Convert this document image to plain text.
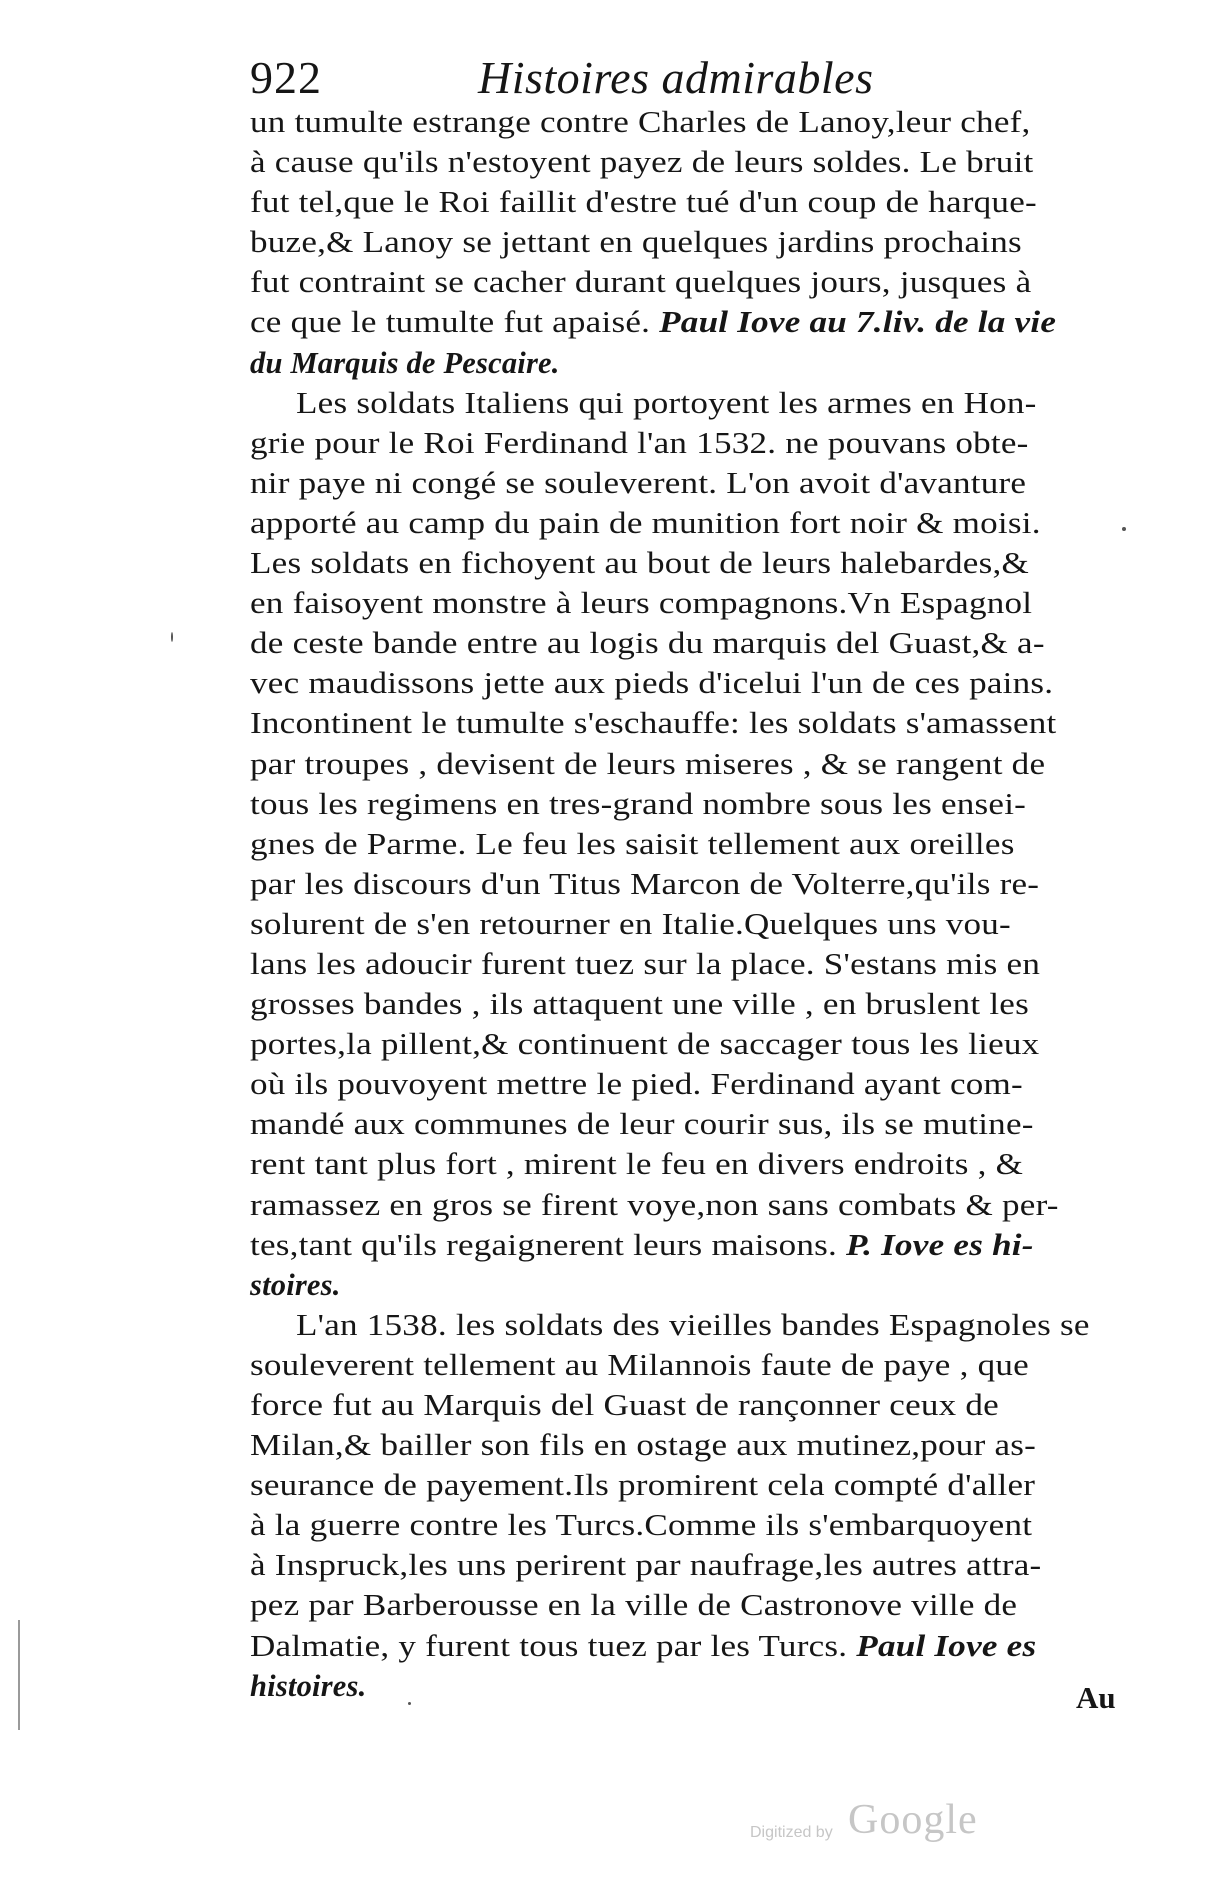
922	Histoires admirables
un tumulte estrange contre Charles de Lanoy,leur chef,
à cause qu'ils n'estoyent payez de leurs soldes. Le bruit
fut tel,que le Roi faillit d'estre tué d'un coup de harque-
buze,& Lanoy se jettant en quelques jardins prochains
fut contraint se cacher durant quelques jours, jusques à
ce que le tumulte fut apaisé. Paul Iove au 7.liv. de la vie
du Marquis de Pescaire.
Les soldats Italiens qui portoyent les armes en Hon-
grie pour le Roi Ferdinand l'an 1532. ne pouvans obte-
nir paye ni congé se souleverent. L'on avoit d'avanture
apporté au camp du pain de munition fort noir & moisi.
Les soldats en fichoyent au bout de leurs halebardes,&
en faisoyent monstre à leurs compagnons.Vn Espagnol
de ceste bande entre au logis du marquis del Guast,& a-
vec maudissons jette aux pieds d'icelui l'un de ces pains.
Incontinent le tumulte s'eschauffe: les soldats s'amassent
par troupes , devisent de leurs miseres , & se rangent de
tous les regimens en tres-grand nombre sous les ensei-
gnes de Parme. Le feu les saisit tellement aux oreilles
par les discours d'un Titus Marcon de Volterre,qu'ils re-
solurent de s'en retourner en Italie.Quelques uns vou-
lans les adoucir furent tuez sur la place. S'estans mis en
grosses bandes , ils attaquent une ville , en bruslent les
portes,la pillent,& continuent de saccager tous les lieux
où ils pouvoyent mettre le pied. Ferdinand ayant com-
mandé aux communes de leur courir sus, ils se mutine-
rent tant plus fort , mirent le feu en divers endroits , &
ramassez en gros se firent voye,non sans combats & per-
tes,tant qu'ils regaignerent leurs maisons. P. Iove es hi-
stoires.
L'an 1538. les soldats des vieilles bandes Espagnoles se
souleverent tellement au Milannois faute de paye , que
force fut au Marquis del Guast de rançonner ceux de
Milan,& bailler son fils en ostage aux mutinez,pour as-
seurance de payement.Ils promirent cela compté d'aller
à la guerre contre les Turcs.Comme ils s'embarquoyent
à Inspruck,les uns perirent par naufrage,les autres attra-
pez par Barberousse en la ville de Castronove ville de
Dalmatie, y furent tous tuez par les Turcs. Paul Iove es
histoires.	Au
Digitized by Google
